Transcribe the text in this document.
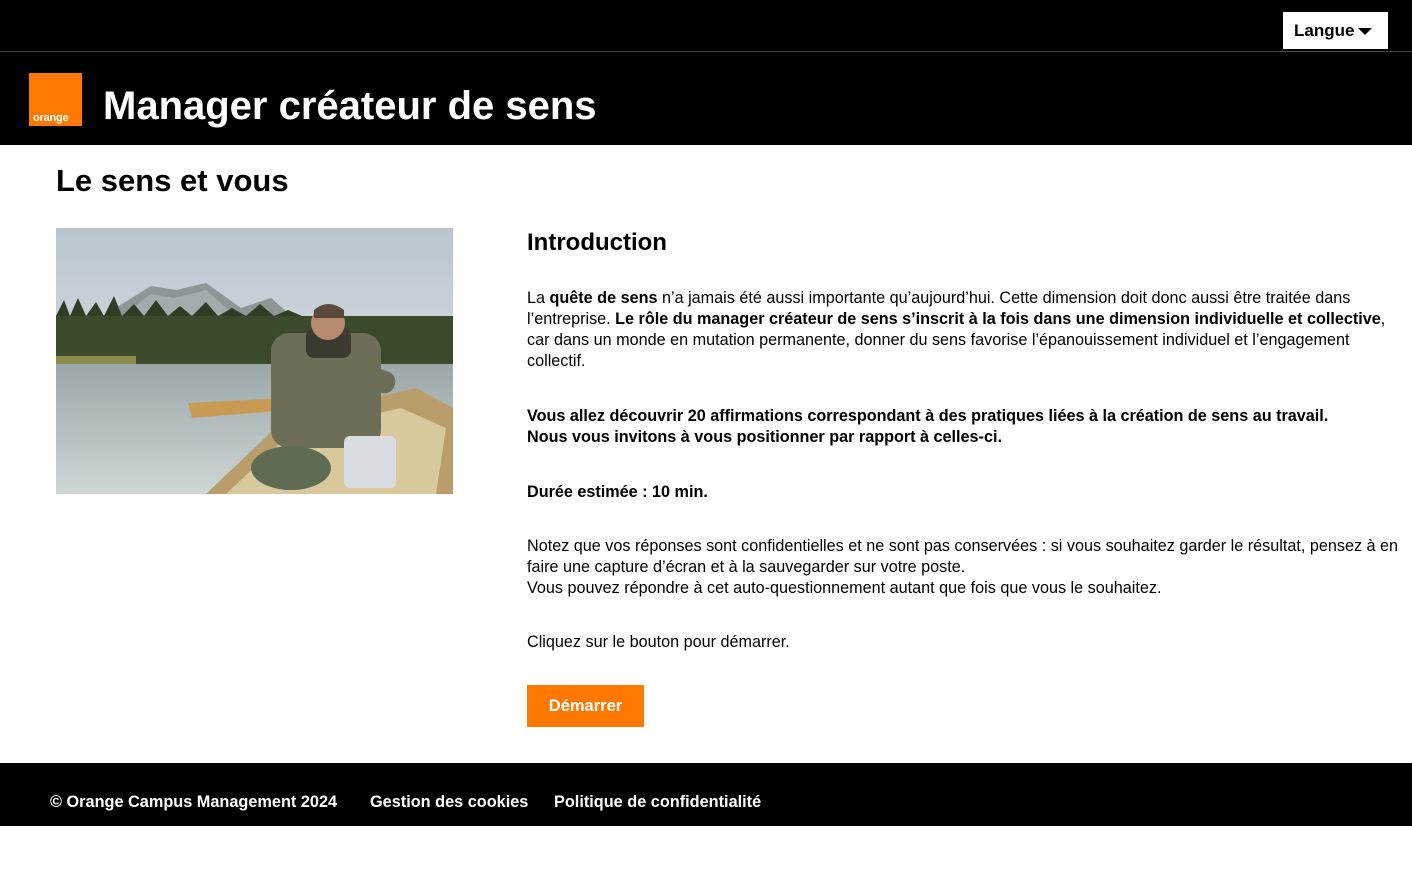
Langue
orange Manager créateur de sens
Le sens et vous
Introduction

La quête de sens n’a jamais été aussi importante qu’aujourd’hui. Cette dimension doit donc aussi être traitée dans l’entreprise. Le rôle du manager créateur de sens s’inscrit à la fois dans une dimension individuelle et collective, car dans un monde en mutation permanente, donner du sens favorise l’épanouissement individuel et l’engagement collectif.

Vous allez découvrir 20 affirmations correspondant à des pratiques liées à la création de sens au travail.
Nous vous invitons à vous positionner par rapport à celles-ci.

Durée estimée : 10 min.

Notez que vos réponses sont confidentielles et ne sont pas conservées : si vous souhaitez garder le résultat, pensez à en faire une capture d’écran et à la sauvegarder sur votre poste.
Vous pouvez répondre à cet auto-questionnement autant que fois que vous le souhaitez.

Cliquez sur le bouton pour démarrer.

Démarrer
© Orange Campus Management 2024 Gestion des cookies Politique de confidentialité
